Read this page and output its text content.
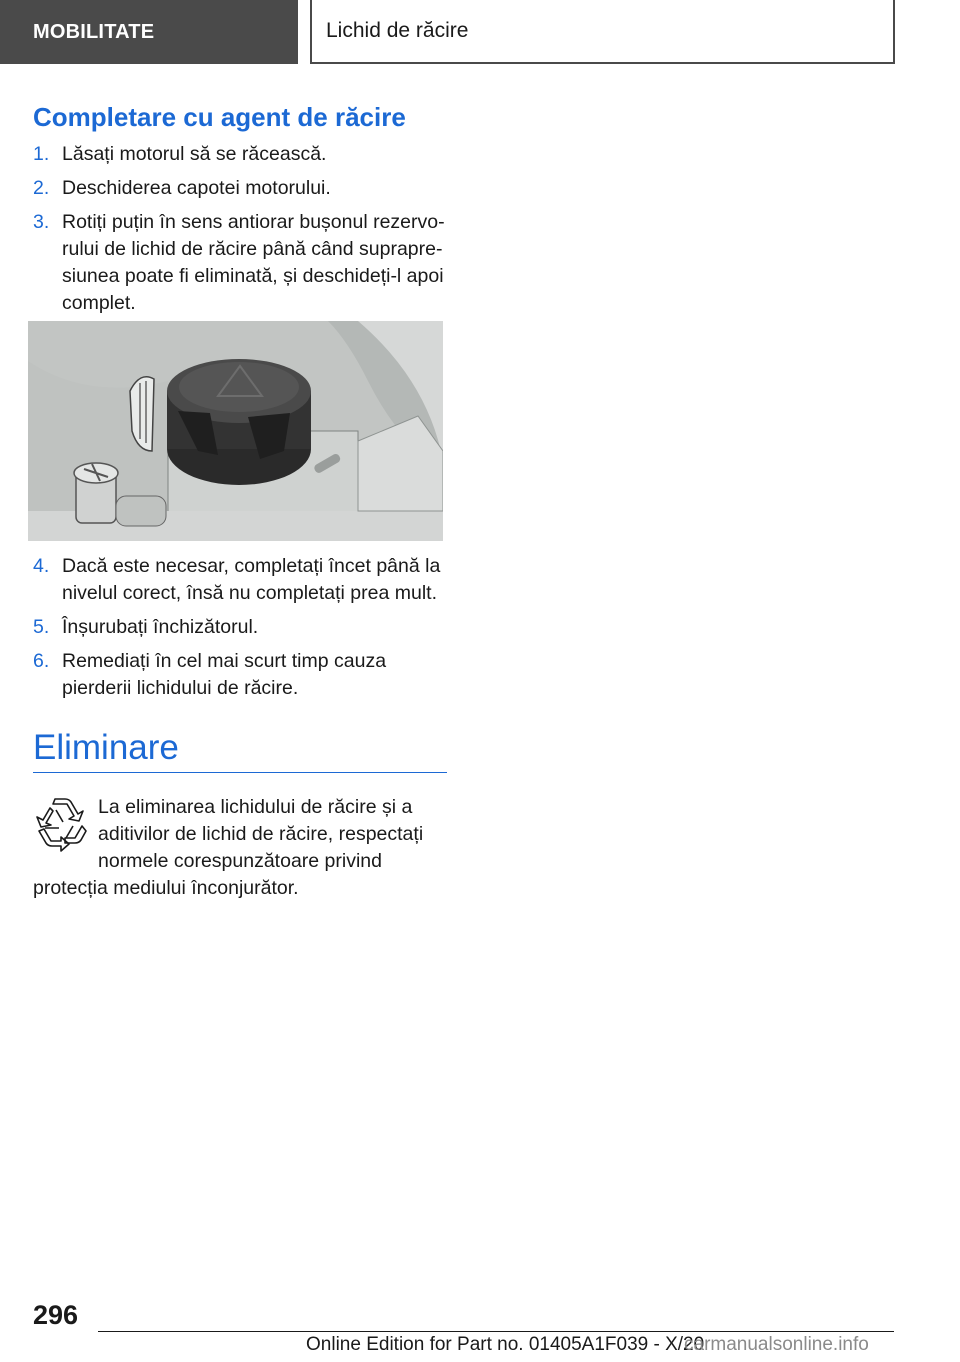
MOBILITATE	Lichid de răcire
Completare cu agent de răcire
1. Lăsați motorul să se răcească.
2. Deschiderea capotei motorului.
3. Rotiți puțin în sens antiorar bușonul rezervorului de lichid de răcire până când suprapresiunea poate fi eliminată, și deschideți-l apoi complet.
4. Dacă este necesar, completați încet până la nivelul corect, însă nu completați prea mult.
5. Înșurubați închizătorul.
6. Remediați în cel mai scurt timp cauza pierderii lichidului de răcire.
Eliminare

La eliminarea lichidului de răcire și a aditivilor de lichid de răcire, respectați normele corespunzătoare privind protecția mediului înconjurător.

296
Online Edition for Part no. 01405A1F039 - X/20
carmanualsonline.info
